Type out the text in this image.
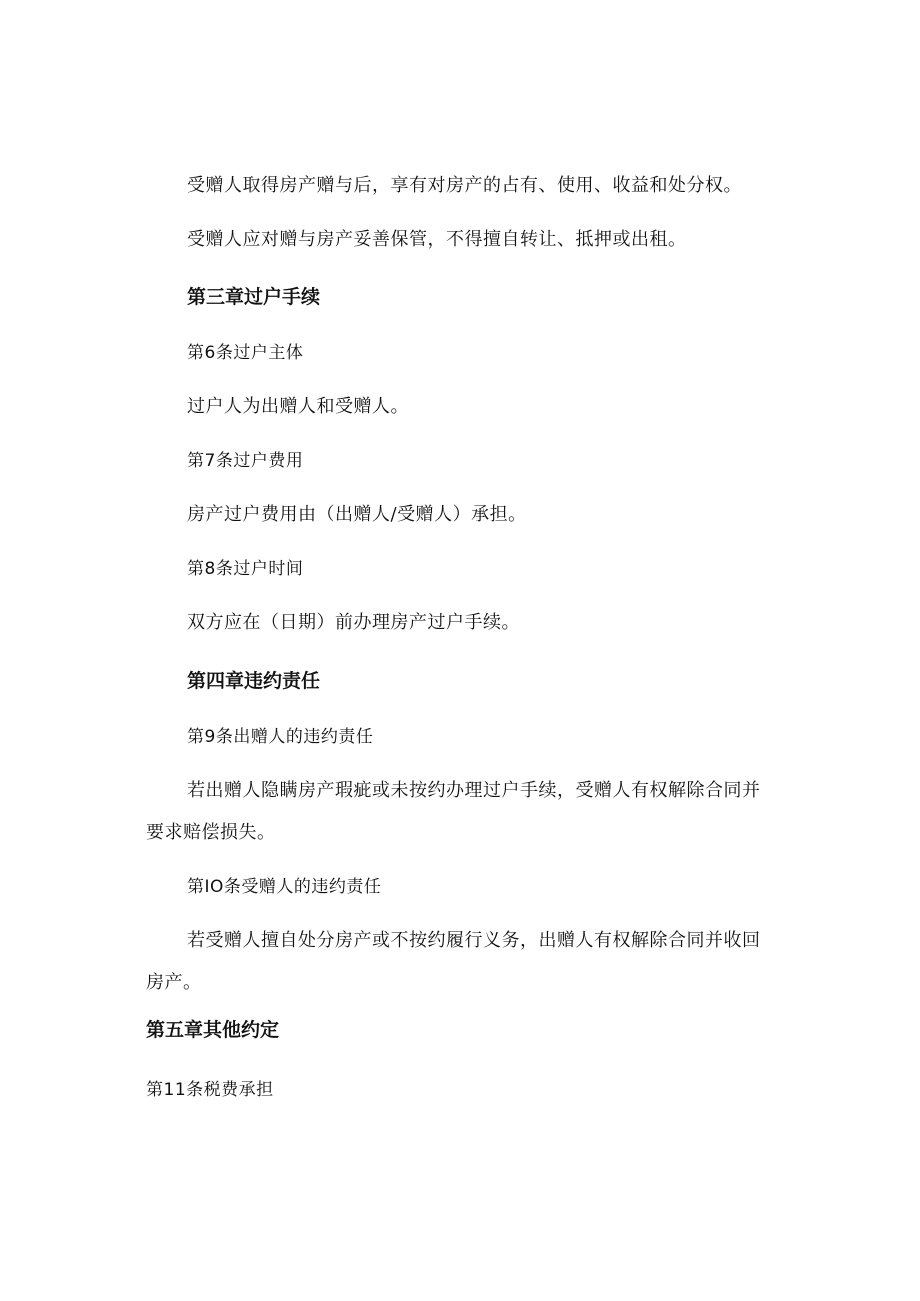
受赠人取得房产赠与后，享有对房产的占有、使用、收益和处分权。
受赠人应对赠与房产妥善保管，不得擅自转让、抵押或出租。
第三章过户手续
第6条过户主体
过户人为出赠人和受赠人。
第7条过户费用
房产过户费用由（出赠人/受赠人）承担。
第8条过户时间
双方应在（日期）前办理房产过户手续。
第四章违约责任
第9条出赠人的违约责任
若出赠人隐瞒房产瑕疵或未按约办理过户手续，受赠人有权解除合同并
要求赔偿损失。
第IO条受赠人的违约责任
若受赠人擅自处分房产或不按约履行义务，出赠人有权解除合同并收回
房产。
第五章其他约定
第11条税费承担
